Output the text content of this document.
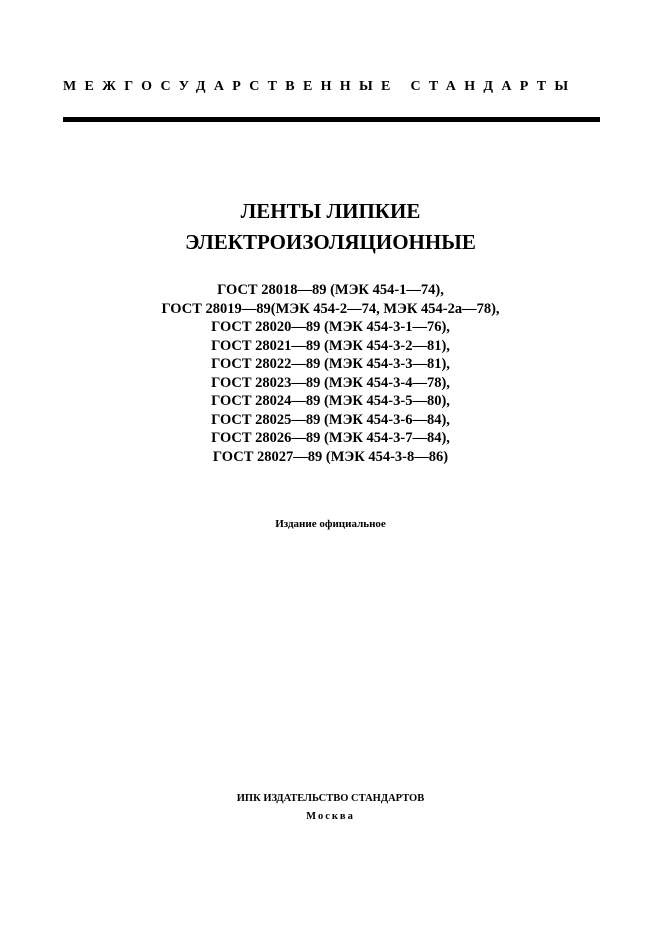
МЕЖГОСУДАРСТВЕННЫЕ СТАНДАРТЫ
ЛЕНТЫ ЛИПКИЕ
ЭЛЕКТРОИЗОЛЯЦИОННЫЕ
ГОСТ 28018—89 (МЭК 454-1—74),
ГОСТ 28019—89(МЭК 454-2—74, МЭК 454-2а—78),
ГОСТ 28020—89 (МЭК 454-3-1—76),
ГОСТ 28021—89 (МЭК 454-3-2—81),
ГОСТ 28022—89 (МЭК 454-3-3—81),
ГОСТ 28023—89 (МЭК 454-3-4—78),
ГОСТ 28024—89 (МЭК 454-3-5—80),
ГОСТ 28025—89 (МЭК 454-3-6—84),
ГОСТ 28026—89 (МЭК 454-3-7—84),
ГОСТ 28027—89 (МЭК 454-3-8—86)

Издание официальное

ИПК ИЗДАТЕЛЬСТВО СТАНДАРТОВ

Москва
